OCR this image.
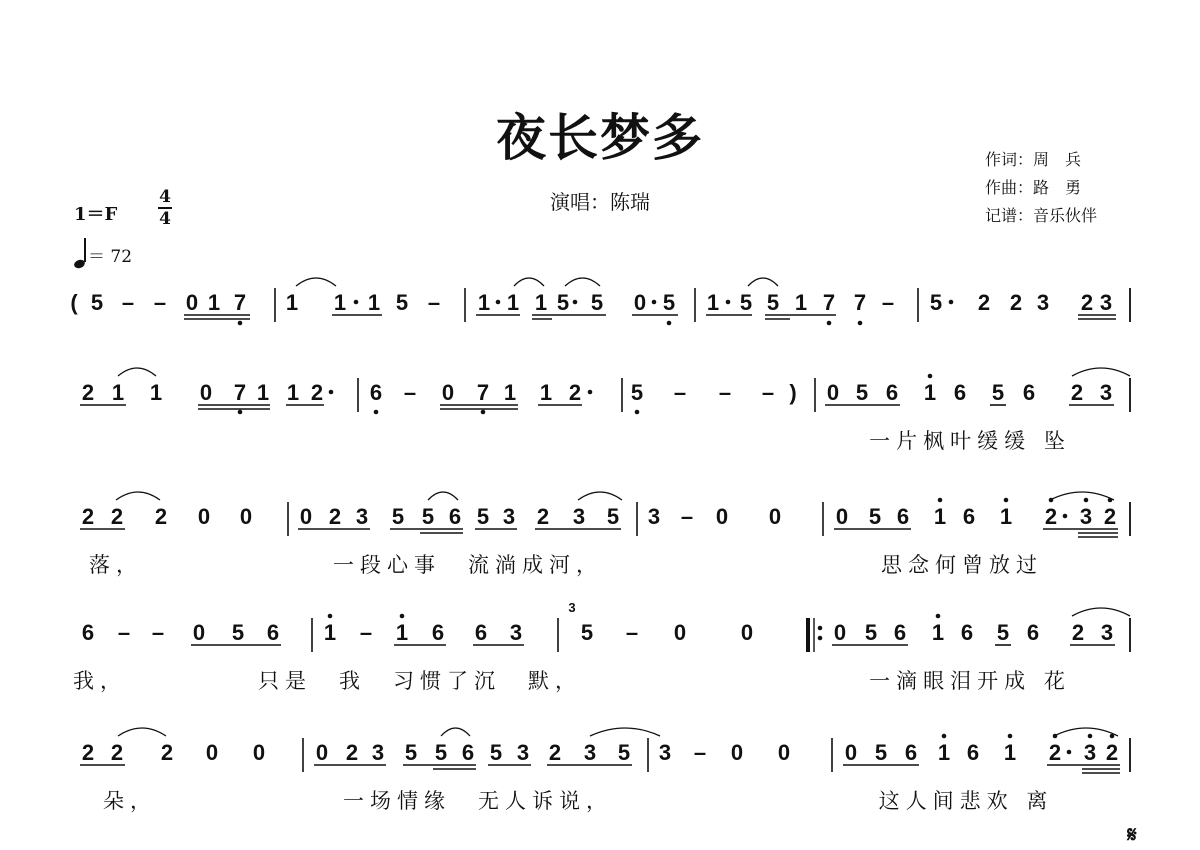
夜长梦多
演唱：陈瑞
作词：周　兵
作曲：路　勇
记谱：音乐伙伴
1＝F
4
4
＝ 72
( 5 – – 0 1 7 1 1 1 5 – 1 1 1 5 5 0 5 1 5 5 1 7 7 – 5 2 2 3 2 3
2 1 1 0 7 1 1 2 6 – 0 7 1 1 2 5 – – – ) 0 5 6 1 6 5 6 2 3
2 2 2 0 0 0 2 3 5 5 6 5 3 2 3 5 3 – 0 0 0 5 6 1 6 1 2 3 2
6 – – 0 5 6 1 – 1 6 6 3	5 – 0 0	0 5 6 1 6 5 6 2 3
2 2 2 0 0 0 2 3 5 5 6 5 3 2 3 5 3 – 0 0 0 5 6 1 6 1 2 3 2
3
一片枫叶缓缓 坠
落，	一段心事　流淌成河，	思念何曾放过
我，	只是　我　习惯了沉　默，	一滴眼泪开成 花
朵，	一场情缘　无人诉说，	这人间悲欢 离
𝄋
